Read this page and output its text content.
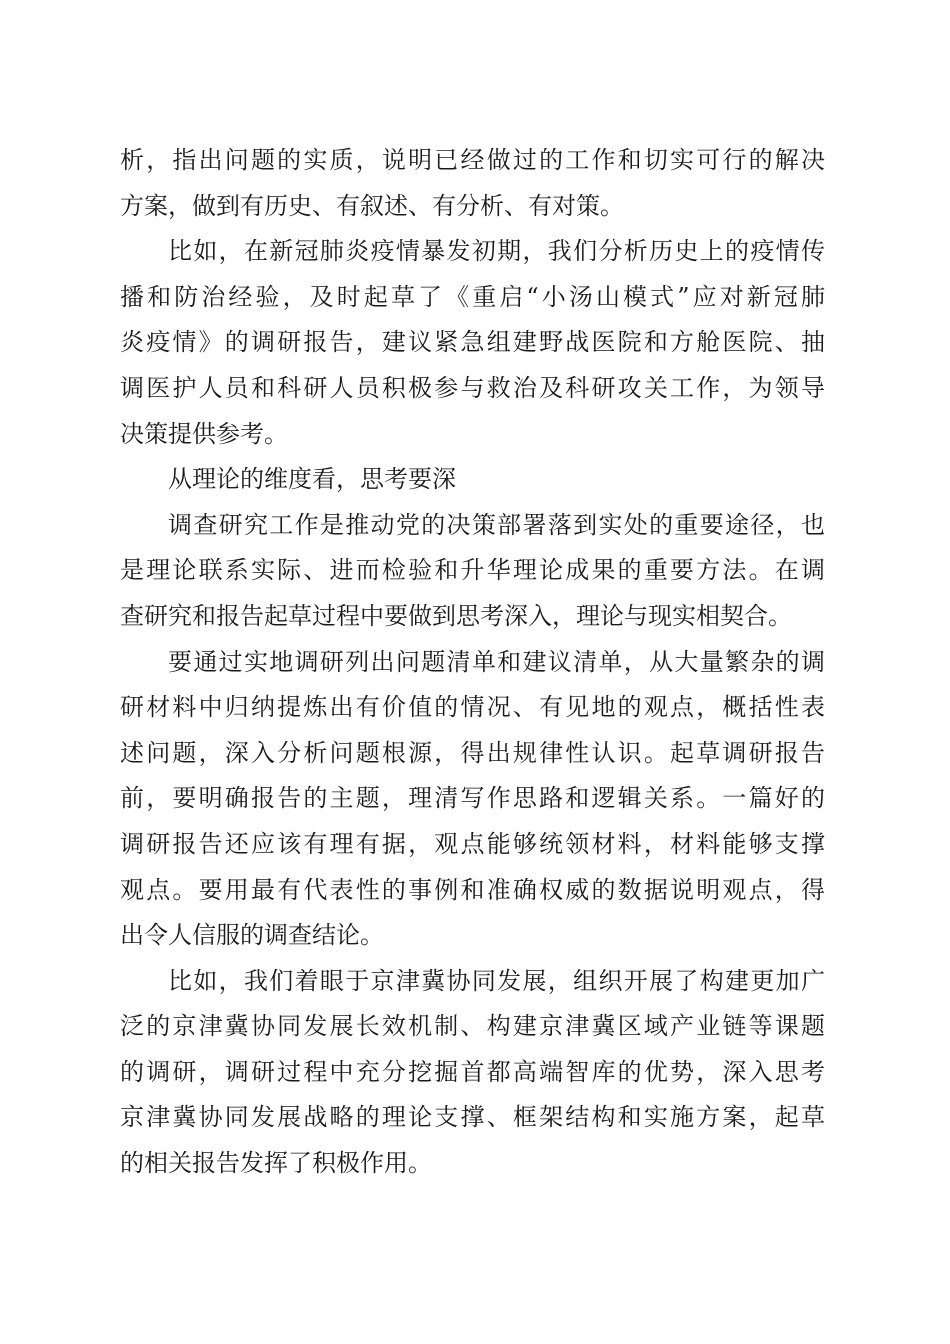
析，指出问题的实质，说明已经做过的工作和切实可行的解决
方案，做到有历史、有叙述、有分析、有对策。
比如，在新冠肺炎疫情暴发初期，我们分析历史上的疫情传
播和防治经验，及时起草了《重启“小汤山模式”应对新冠肺
炎疫情》的调研报告，建议紧急组建野战医院和方舱医院、抽
调医护人员和科研人员积极参与救治及科研攻关工作，为领导
决策提供参考。
从理论的维度看，思考要深
调查研究工作是推动党的决策部署落到实处的重要途径，也
是理论联系实际、进而检验和升华理论成果的重要方法。在调
查研究和报告起草过程中要做到思考深入，理论与现实相契合。
要通过实地调研列出问题清单和建议清单，从大量繁杂的调
研材料中归纳提炼出有价值的情况、有见地的观点，概括性表
述问题，深入分析问题根源，得出规律性认识。起草调研报告
前，要明确报告的主题，理清写作思路和逻辑关系。一篇好的
调研报告还应该有理有据，观点能够统领材料，材料能够支撑
观点。要用最有代表性的事例和准确权威的数据说明观点，得
出令人信服的调查结论。
比如，我们着眼于京津冀协同发展，组织开展了构建更加广
泛的京津冀协同发展长效机制、构建京津冀区域产业链等课题
的调研，调研过程中充分挖掘首都高端智库的优势，深入思考
京津冀协同发展战略的理论支撑、框架结构和实施方案，起草
的相关报告发挥了积极作用。
